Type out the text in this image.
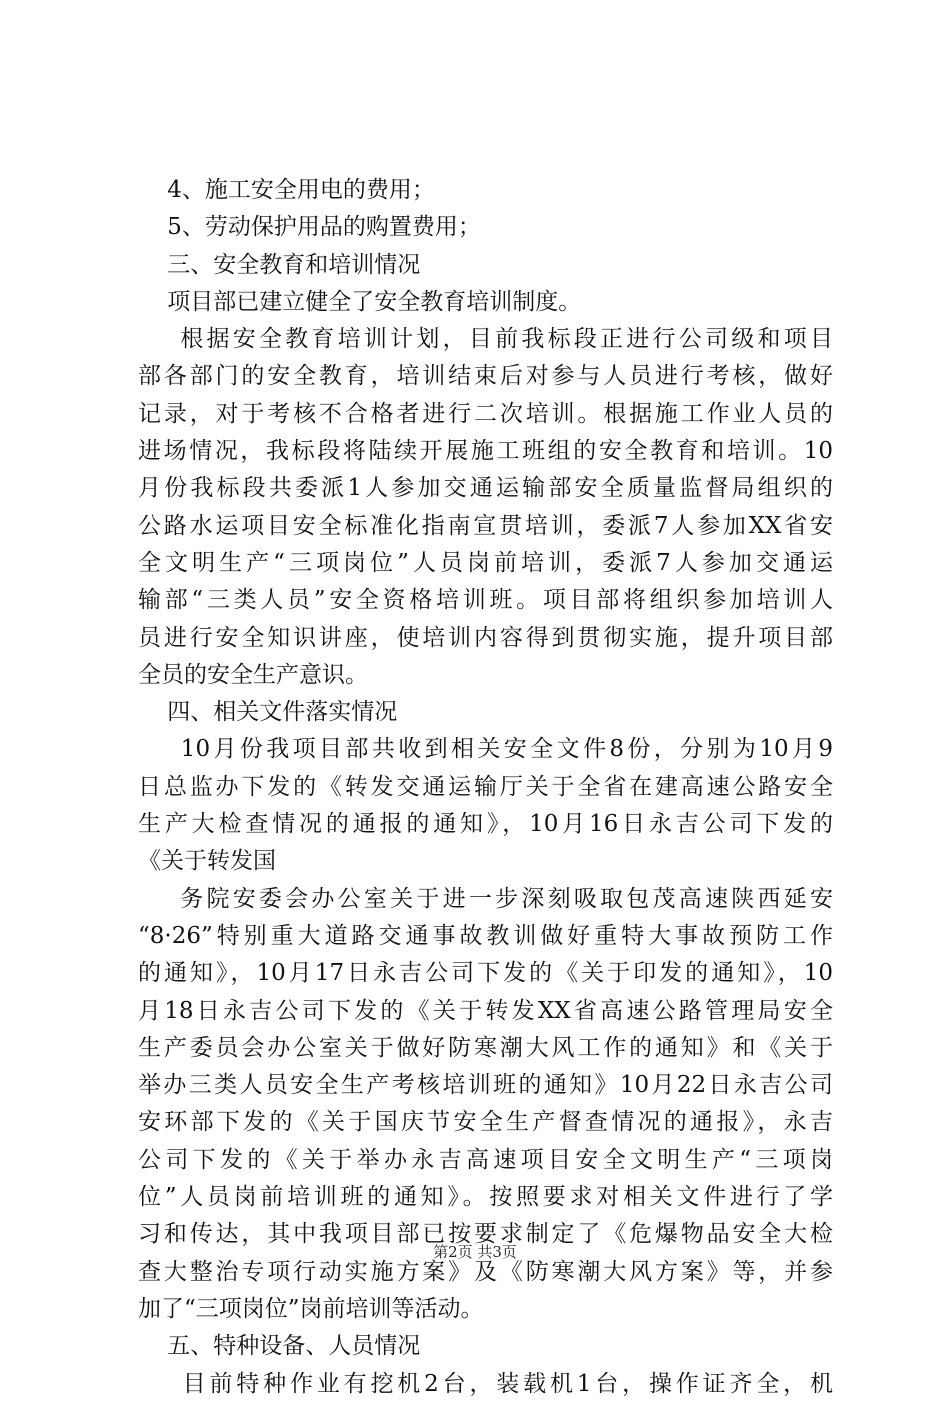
4、施工安全用电的费用；
5、劳动保护用品的购置费用；
三、安全教育和培训情况
项目部已建立健全了安全教育培训制度。
根据安全教育培训计划，目前我标段正进行公司级和项目
部各部门的安全教育，培训结束后对参与人员进行考核，做好
记录，对于考核不合格者进行二次培训。根据施工作业人员的
进场情况，我标段将陆续开展施工班组的安全教育和培训。10
月份我标段共委派1人参加交通运输部安全质量监督局组织的
公路水运项目安全标准化指南宣贯培训，委派7人参加XX省安
全文明生产“三项岗位”人员岗前培训，委派7人参加交通运
输部“三类人员”安全资格培训班。项目部将组织参加培训人
员进行安全知识讲座，使培训内容得到贯彻实施，提升项目部
全员的安全生产意识。
四、相关文件落实情况
10月份我项目部共收到相关安全文件8份，分别为10月9
日总监办下发的《转发交通运输厅关于全省在建高速公路安全
生产大检查情况的通报的通知》，10月16日永吉公司下发的
《关于转发国
务院安委会办公室关于进一步深刻吸取包茂高速陕西延安
“8·26”特别重大道路交通事故教训做好重特大事故预防工作
的通知》，10月17日永吉公司下发的《关于印发的通知》，10
月18日永吉公司下发的《关于转发XX省高速公路管理局安全
生产委员会办公室关于做好防寒潮大风工作的通知》和《关于
举办三类人员安全生产考核培训班的通知》10月22日永吉公司
安环部下发的《关于国庆节安全生产督查情况的通报》，永吉
公司下发的《关于举办永吉高速项目安全文明生产“三项岗
位”人员岗前培训班的通知》。按照要求对相关文件进行了学
习和传达，其中我项目部已按要求制定了《危爆物品安全大检
查大整治专项行动实施方案》及《防寒潮大风方案》等，并参
加了“三项岗位”岗前培训等活动。
五、特种设备、人员情况
目前特种作业有挖机2台，装载机1台，操作证齐全，机
第2页 共3页
